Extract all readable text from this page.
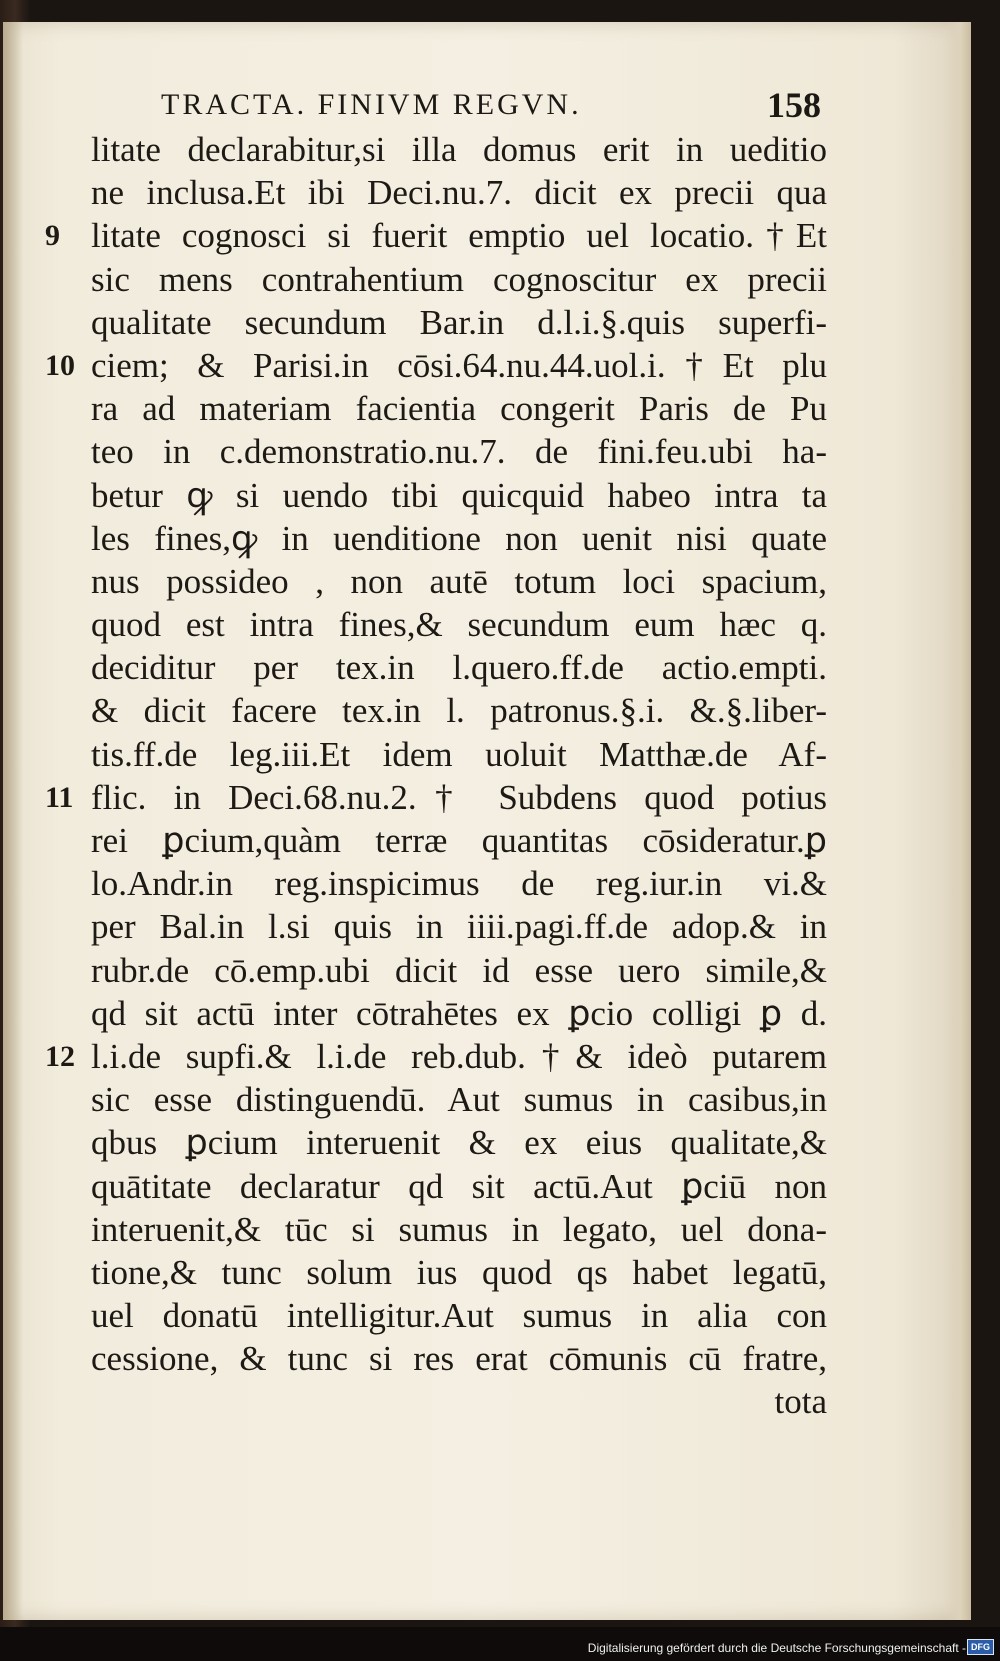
TRACTA. FINIVM REGVN.	158
litate declarabitur,si illa domus erit in ueditio
ne inclusa.Et ibi Deci.nu.7. dicit ex precii qua
9 litate cognosci si fuerit emptio uel locatio.†Et
sic mens contrahentium cognoscitur ex precii
qualitate secundum Bar.in d.l.i.§.quis superfi-
10 ciem; & Parisi.in cōsi.64.nu.44.uol.i.†Et plu
ra ad materiam facientia congerit Paris de Pu
teo in c.demonstratio.nu.7. de fini.feu.ubi ha-
betur ꝙ si uendo tibi quicquid habeo intra ta
les fines,ꝙ in uenditione non uenit nisi quate
nus possideo , non autē totum loci spacium,
quod est intra fines,& secundum eum hæc q.
deciditur per tex.in l.quero.ff.de actio.empti.
& dicit facere tex.in l. patronus.§.i. &.§.liber-
tis.ff.de leg.iii.Et idem uoluit Matthæ.de Af-
11 flic. in Deci.68.nu.2.† Subdens quod potius
rei ꝑcium,quàm terræ quantitas cōsideratur.ꝑ
lo.Andr.in reg.inspicimus de reg.iur.in vi.&
per Bal.in l.si quis in iiii.pagi.ff.de adop.& in
rubr.de cō.emp.ubi dicit id esse uero simile,&
qd sit actū inter cōtrahētes ex ꝑcio colligi ꝑ d.
12 l.i.de supfi.& l.i.de reb.dub.†& ideò putarem
sic esse distinguendū. Aut sumus in casibus,in
qbus ꝑcium interuenit & ex eius qualitate,&
quātitate declaratur qd sit actū.Aut ꝑciū non
interuenit,& tūc si sumus in legato, uel dona-
tione,& tunc solum ius quod qs habet legatū,
uel donatū intelligitur.Aut sumus in alia con
cessione, & tunc si res erat cōmunis cū fratre,
tota
Digitalisierung gefördert durch die Deutsche Forschungsgemeinschaft - DFG
